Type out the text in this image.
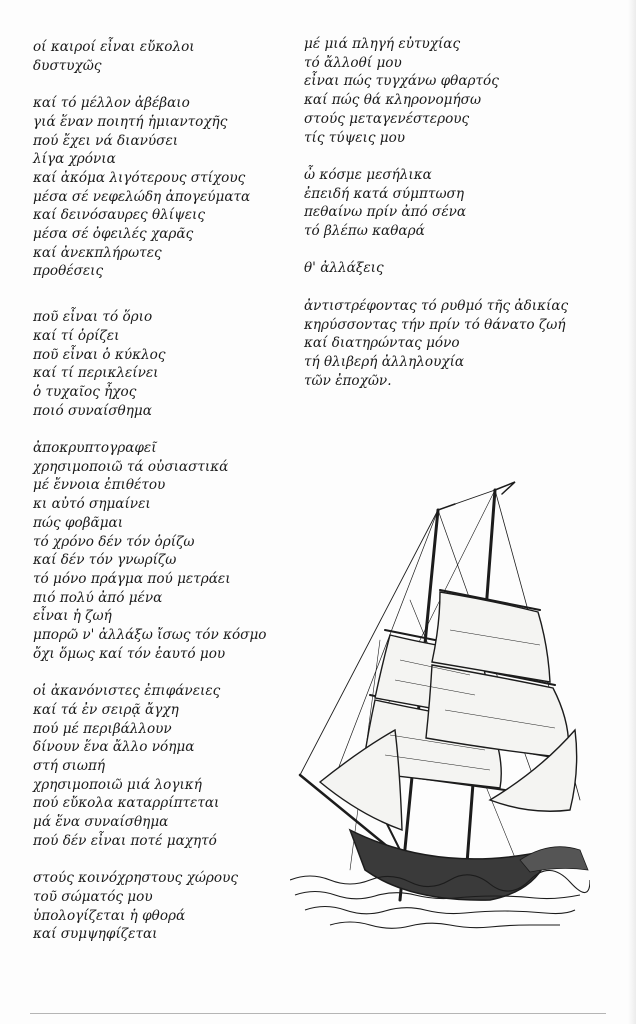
οί καιροί εἶναι εὔκολοι
δυστυχῶς
καί τό μέλλον ἀβέβαιο
γιά ἕναν ποιητή ἡμιαντοχῆς
πού ἔχει νά διανύσει
λίγα χρόνια
καί ἀκόμα λιγότερους στίχους
μέσα σέ νεφελώδη ἀπογεύματα
καί δεινόσαυρες θλίψεις
μέσα σέ ὀφειλές χαρᾶς
καί ἀνεκπλήρωτες
προθέσεις
ποῦ εἶναι τό ὅριο
καί τί ὁρίζει
ποῦ εἶναι ὁ κύκλος
καί τί περικλείνει
ὁ τυχαῖος ἦχος
ποιό συναίσθημα
ἀποκρυπτογραφεῖ
χρησιμοποιῶ τά οὐσιαστικά
μέ ἔννοια ἐπιθέτου
κι αὐτό σημαίνει
πώς φοβᾶμαι
τό χρόνο δέν τόν ὁρίζω
καί δέν τόν γνωρίζω
τό μόνο πράγμα πού μετράει
πιό πολύ ἀπό μένα
εἶναι ἡ ζωή
μπορῶ ν' ἀλλάξω ἴσως τόν κόσμο
ὄχι ὅμως καί τόν ἑαυτό μου
οἱ ἀκανόνιστες ἐπιφάνειες
καί τά ἐν σειρᾷ ἄγχη
πού μέ περιβάλλουν
δίνουν ἕνα ἄλλο νόημα
στή σιωπή
χρησιμοποιῶ μιά λογική
πού εὔκολα καταρρίπτεται
μά ἕνα συναίσθημα
πού δέν εἶναι ποτέ μαχητό
στούς κοινόχρηστους χώρους
τοῦ σώματός μου
ὑπολογίζεται ἡ φθορά
καί συμψηφίζεται
μέ μιά πληγή εὐτυχίας
τό ἄλλοθί μου
εἶναι πώς τυγχάνω φθαρτός
καί πώς θά κληρονομήσω
στούς μεταγενέστερους
τίς τύψεις μου
ὦ κόσμε μεσήλικα
ἐπειδή κατά σύμπτωση
πεθαίνω πρίν ἀπό σένα
τό βλέπω καθαρά
θ' ἀλλάξεις
ἀντιστρέφοντας τό ρυθμό τῆς ἀδικίας
κηρύσσοντας τήν πρίν τό θάνατο ζωή
καί διατηρώντας μόνο
τή θλιβερή ἀλληλουχία
τῶν ἐποχῶν.
